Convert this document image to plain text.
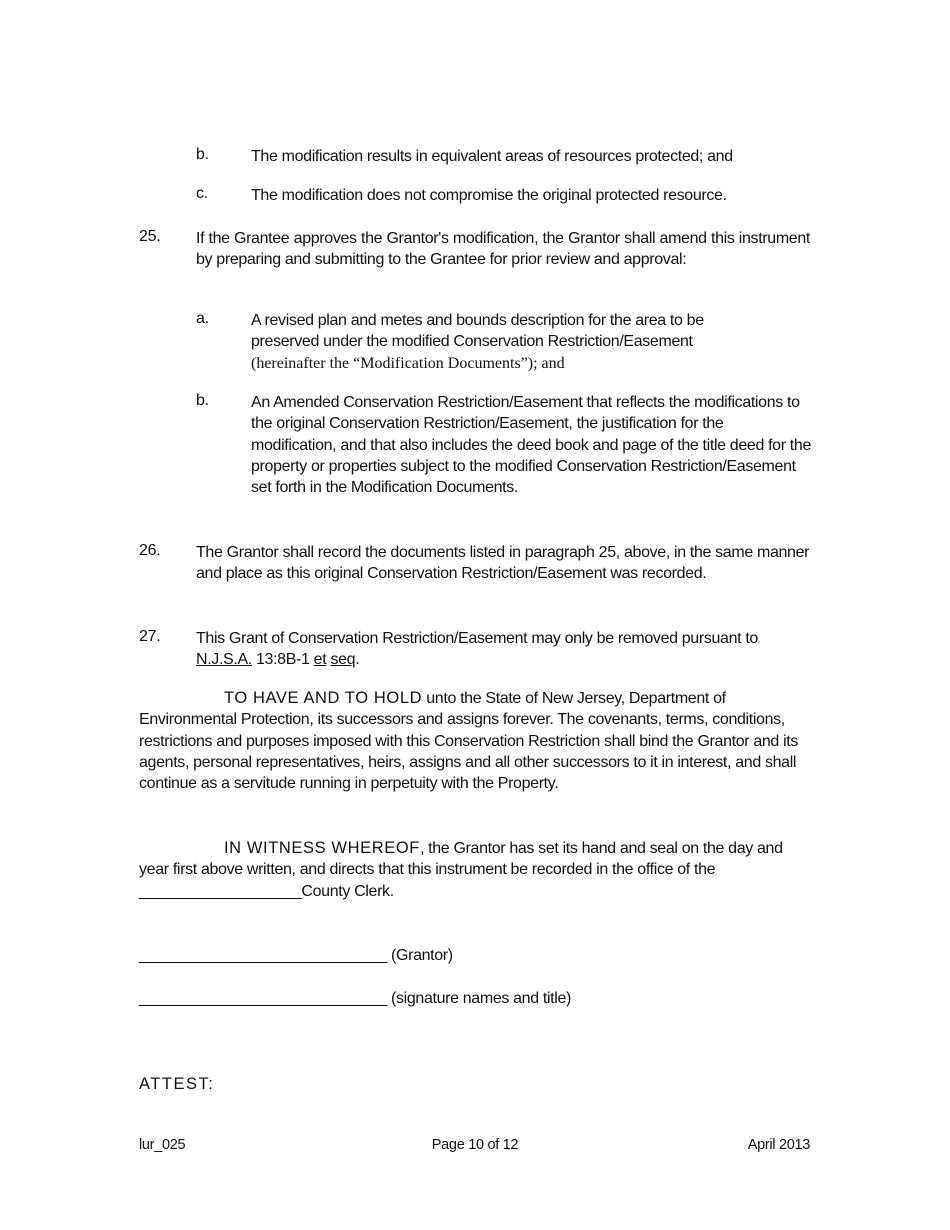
b.	The modification results in equivalent areas of resources protected; and
c.	The modification does not compromise the original protected resource.
25. If the Grantee approves the Grantor's modification, the Grantor shall amend this instrument by preparing and submitting to the Grantee for prior review and approval:
a.	A revised plan and metes and bounds description for the area to be
preserved under the modified Conservation Restriction/Easement
(hereinafter the “Modification Documents”); and
b.	An Amended Conservation Restriction/Easement that reflects the modifications to the original Conservation Restriction/Easement, the justification for the modification, and that also includes the deed book and page of the title deed for the property or properties subject to the modified Conservation Restriction/Easement set forth in the Modification Documents.
26. The Grantor shall record the documents listed in paragraph 25, above, in the same manner and place as this original Conservation Restriction/Easement was recorded.
27. This Grant of Conservation Restriction/Easement may only be removed pursuant to N.J.S.A. 13:8B-1 et seq.
TO HAVE AND TO HOLD unto the State of New Jersey, Department of Environmental Protection, its successors and assigns forever. The covenants, terms, conditions, restrictions and purposes imposed with this Conservation Restriction shall bind the Grantor and its agents, personal representatives, heirs, assigns and all other successors to it in interest, and shall continue as a servitude running in perpetuity with the Property.
IN WITNESS WHEREOF, the Grantor has set its hand and seal on the day and year first above written, and directs that this instrument be recorded in the office of the ___________________County Clerk.
_____________________________ (Grantor)
_____________________________ (signature names and title)
ATTEST:
lur_025	Page 10 of 12	April 2013
